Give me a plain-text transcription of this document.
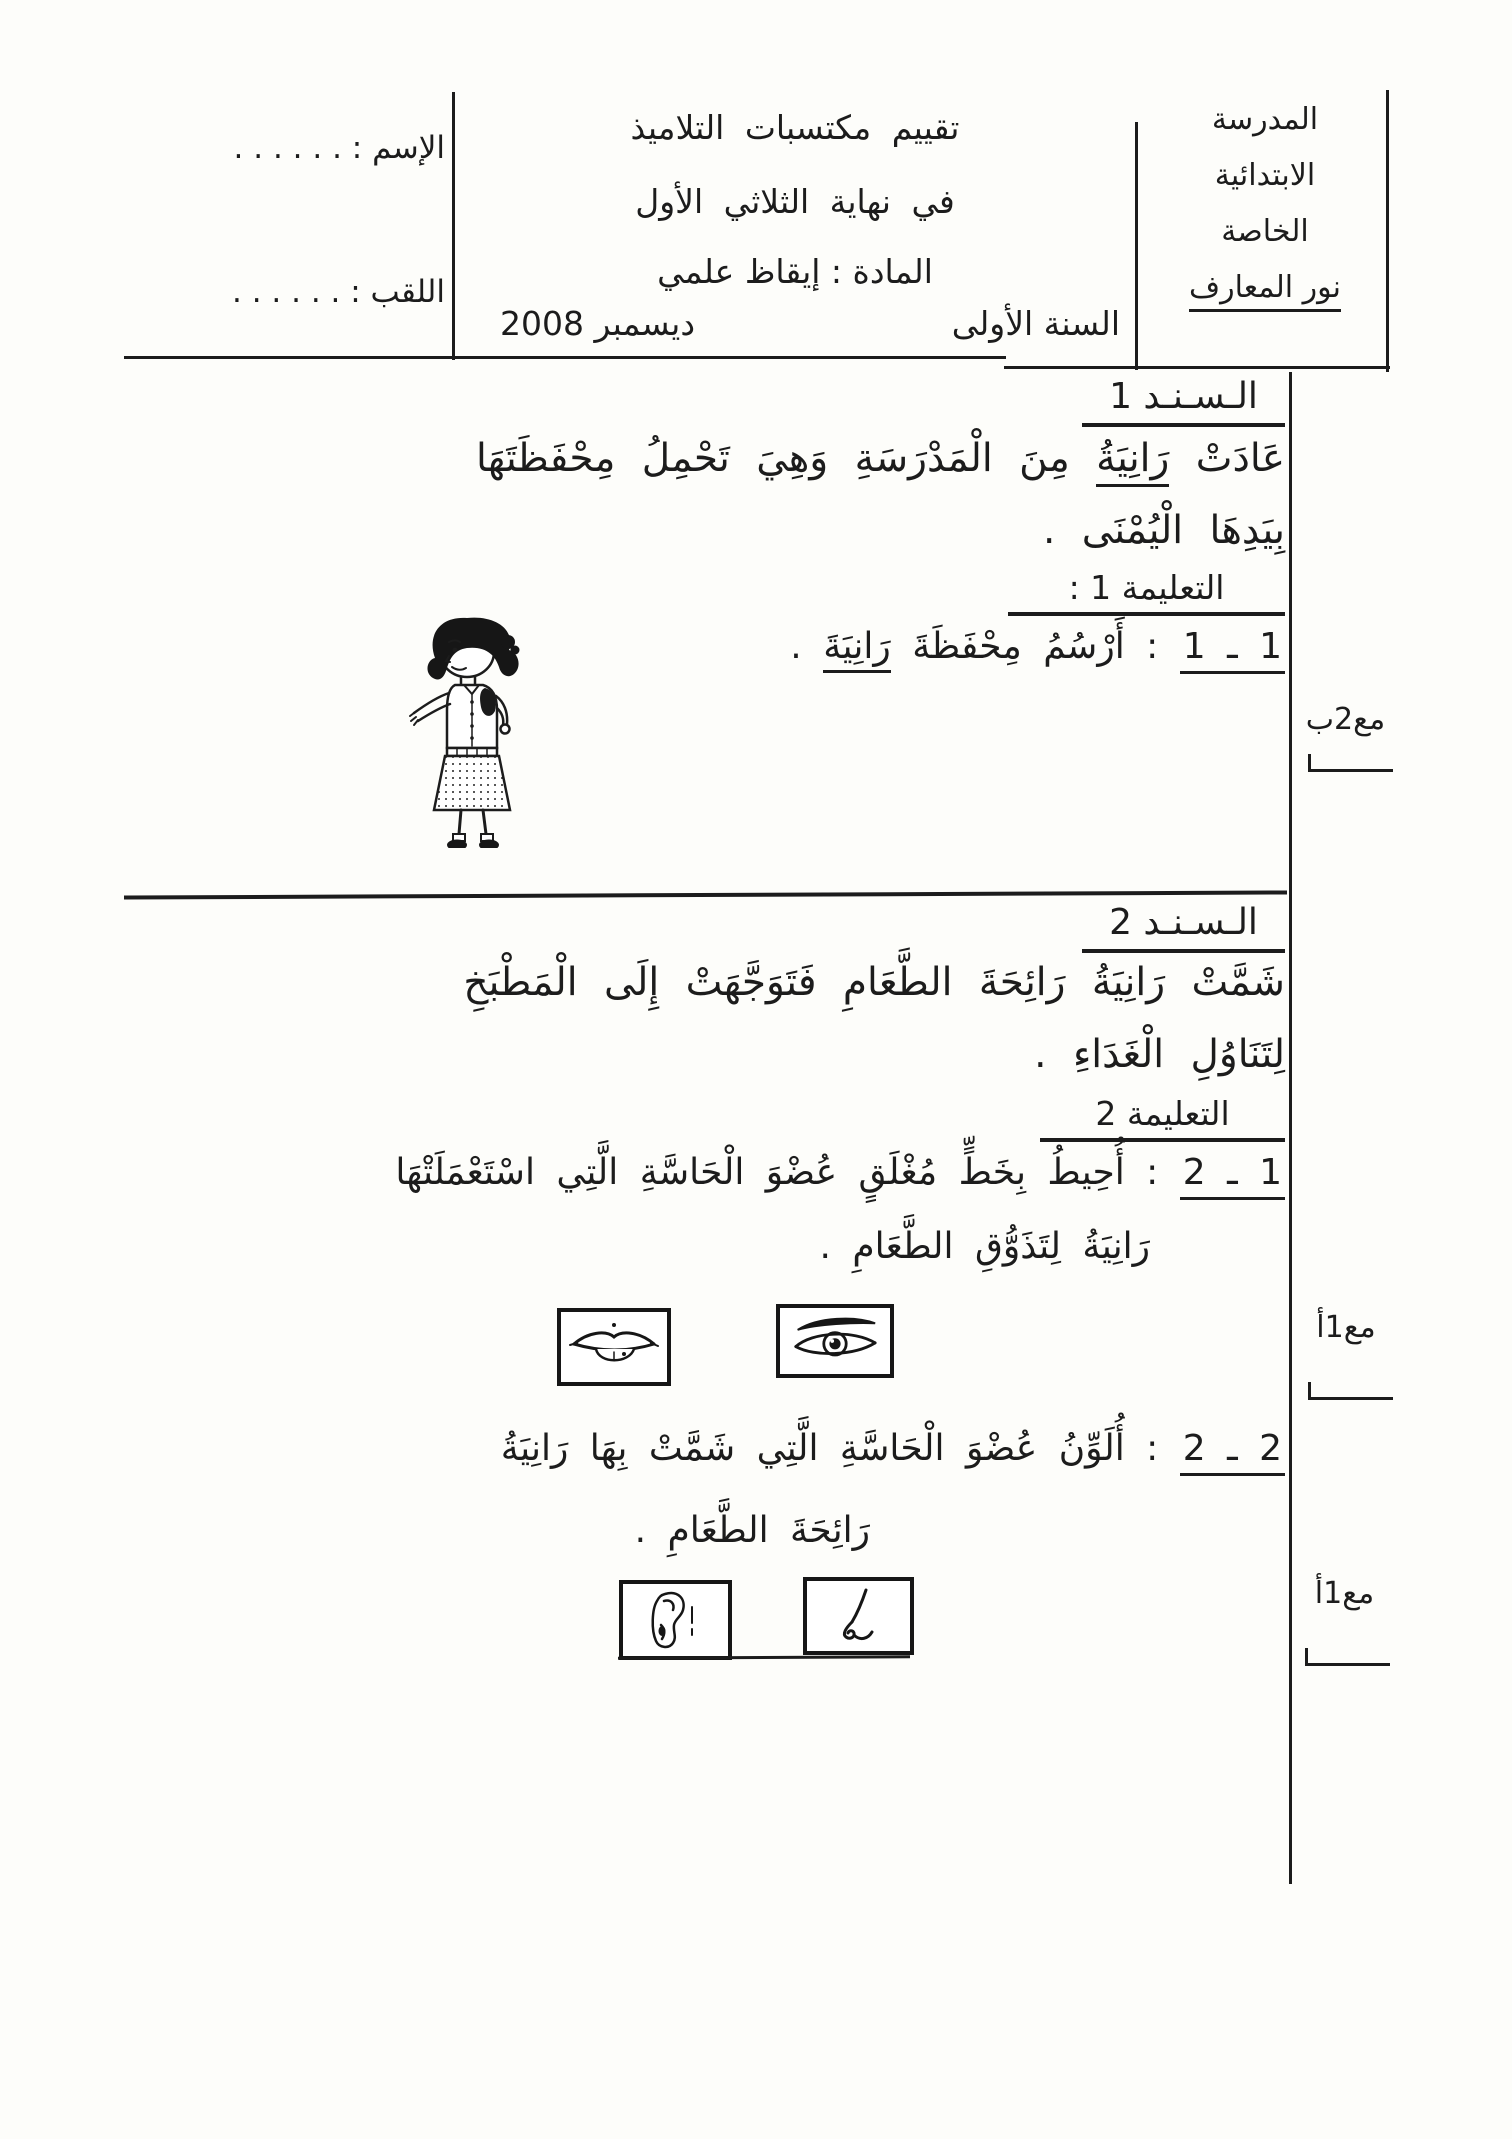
المدرسة
الابتدائية
الخاصة
نور المعارف
تقييم مكتسبات التلاميذ
في نهاية الثلاثي الأول
المادة : إيقاظ علمي
السنة الأولى
ديسمبر 2008
الإسم : . . . . . .
اللقب : . . . . . .
الـسـنـد 1
عَادَتْ رَانِيَةُ مِنَ الْمَدْرَسَةِ وَهِيَ تَحْمِلُ مِحْفَظَتَهَا
بِيَدِهَا الْيُمْنَى .
التعليمة 1 :
1 ـ 1 : أَرْسُمُ مِحْفَظَةَ رَانِيَةَ .
مع2ب
الـسـنـد 2
شَمَّتْ رَانِيَةُ رَائِحَةَ الطَّعَامِ فَتَوَجَّهَتْ إِلَى الْمَطْبَخِ
لِتَنَاوُلِ الْغَدَاءِ .
التعليمة 2
1 ـ 2 : أُحِيطُ بِخَطٍّ مُغْلَقٍ عُضْوَ الْحَاسَّةِ الَّتِي اسْتَعْمَلَتْهَا
رَانِيَةُ لِتَذَوُّقِ الطَّعَامِ .
مع1أ
2 ـ 2 : أُلَوِّنُ عُضْوَ الْحَاسَّةِ الَّتِي شَمَّتْ بِهَا رَانِيَةُ
رَائِحَةَ الطَّعَامِ .
مع1أ
